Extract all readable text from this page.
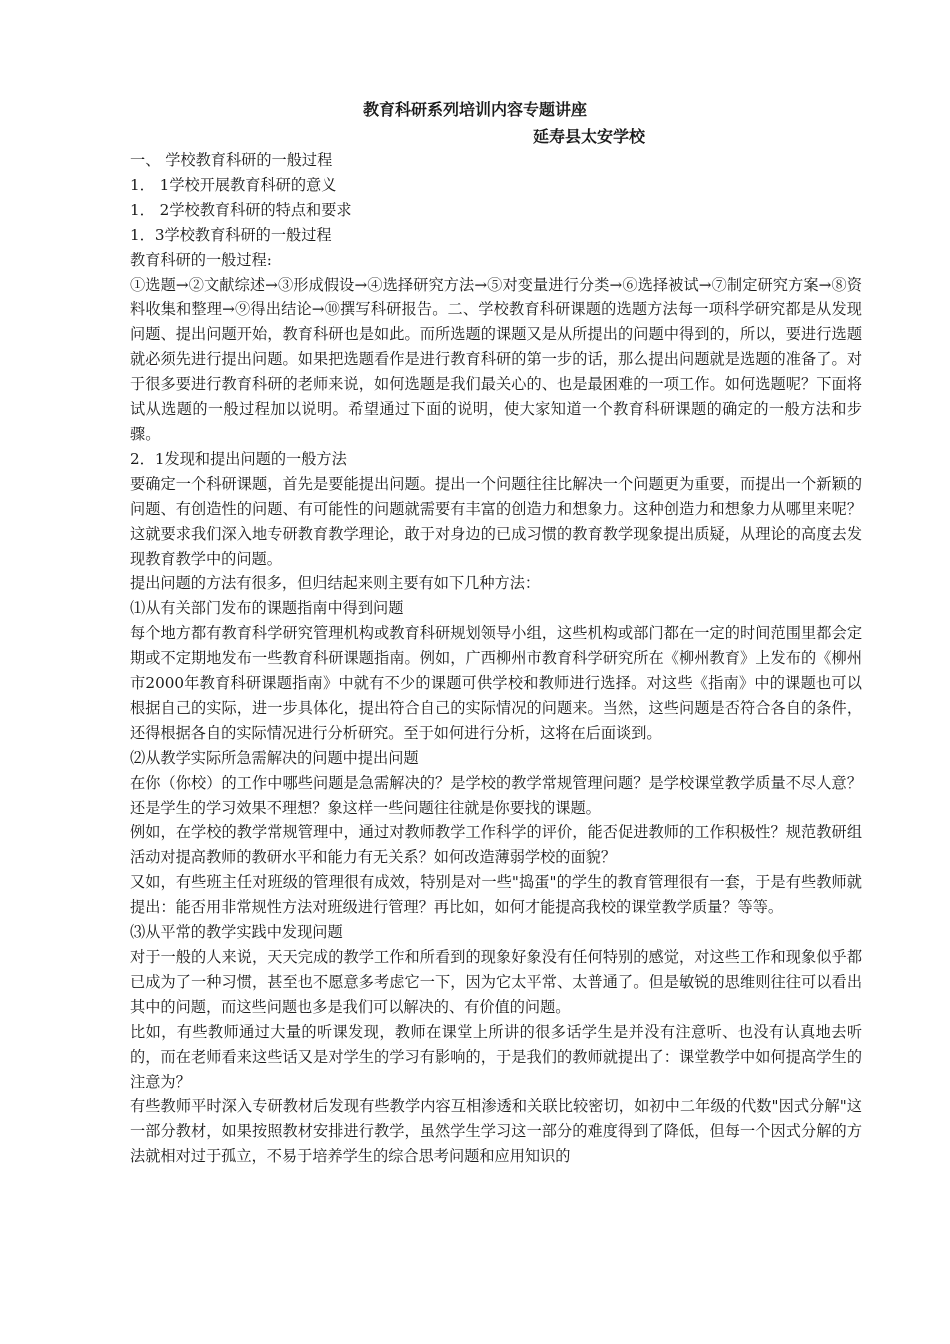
教育科研系列培训内容专题讲座
延寿县太安学校

一、 学校教育科研的一般过程

1． 1学校开展教育科研的意义

1． 2学校教育科研的特点和要求

1．3学校教育科研的一般过程

教育科研的一般过程:

①选题→②文献综述→③形成假设→④选择研究方法→⑤对变量进行分类→⑥选择被试→⑦制定研究方案→⑧资料收集和整理→⑨得出结论→⑩撰写科研报告。二、学校教育科研课题的选题方法每一项科学研究都是从发现问题、提出问题开始，教育科研也是如此。而所选题的课题又是从所提出的问题中得到的，所以，要进行选题就必须先进行提出问题。如果把选题看作是进行教育科研的第一步的话，那么提出问题就是选题的准备了。对于很多要进行教育科研的老师来说，如何选题是我们最关心的、也是最困难的一项工作。如何选题呢？下面将试从选题的一般过程加以说明。希望通过下面的说明，使大家知道一个教育科研课题的确定的一般方法和步骤。

2．1发现和提出问题的一般方法

要确定一个科研课题，首先是要能提出问题。提出一个问题往往比解决一个问题更为重要，而提出一个新颖的问题、有创造性的问题、有可能性的问题就需要有丰富的创造力和想象力。这种创造力和想象力从哪里来呢？这就要求我们深入地专研教育教学理论，敢于对身边的已成习惯的教育教学现象提出质疑，从理论的高度去发现教育教学中的问题。

提出问题的方法有很多，但归结起来则主要有如下几种方法：

⑴从有关部门发布的课题指南中得到问题

每个地方都有教育科学研究管理机构或教育科研规划领导小组，这些机构或部门都在一定的时间范围里都会定期或不定期地发布一些教育科研课题指南。例如，广西柳州市教育科学研究所在《柳州教育》上发布的《柳州市2000年教育科研课题指南》中就有不少的课题可供学校和教师进行选择。对这些《指南》中的课题也可以根据自己的实际，进一步具体化，提出符合自己的实际情况的问题来。当然，这些问题是否符合各自的条件，还得根据各自的实际情况进行分析研究。至于如何进行分析，这将在后面谈到。

⑵从教学实际所急需解决的问题中提出问题

在你（你校）的工作中哪些问题是急需解决的？是学校的教学常规管理问题？是学校课堂教学质量不尽人意？还是学生的学习效果不理想？象这样一些问题往往就是你要找的课题。

例如，在学校的教学常规管理中，通过对教师教学工作科学的评价，能否促进教师的工作积极性？规范教研组活动对提高教师的教研水平和能力有无关系？如何改造薄弱学校的面貌？

又如，有些班主任对班级的管理很有成效，特别是对一些"捣蛋"的学生的教育管理很有一套，于是有些教师就提出：能否用非常规性方法对班级进行管理？再比如，如何才能提高我校的课堂教学质量？等等。

⑶从平常的教学实践中发现问题

对于一般的人来说，天天完成的教学工作和所看到的现象好象没有任何特别的感觉，对这些工作和现象似乎都已成为了一种习惯，甚至也不愿意多考虑它一下，因为它太平常、太普通了。但是敏锐的思维则往往可以看出其中的问题，而这些问题也多是我们可以解决的、有价值的问题。

比如，有些教师通过大量的听课发现，教师在课堂上所讲的很多话学生是并没有注意听、也没有认真地去听的，而在老师看来这些话又是对学生的学习有影响的，于是我们的教师就提出了：课堂教学中如何提高学生的注意为？

有些教师平时深入专研教材后发现有些教学内容互相渗透和关联比较密切，如初中二年级的代数"因式分解"这一部分教材，如果按照教材安排进行教学，虽然学生学习这一部分的难度得到了降低，但每一个因式分解的方法就相对过于孤立，不易于培养学生的综合思考问题和应用知识的
